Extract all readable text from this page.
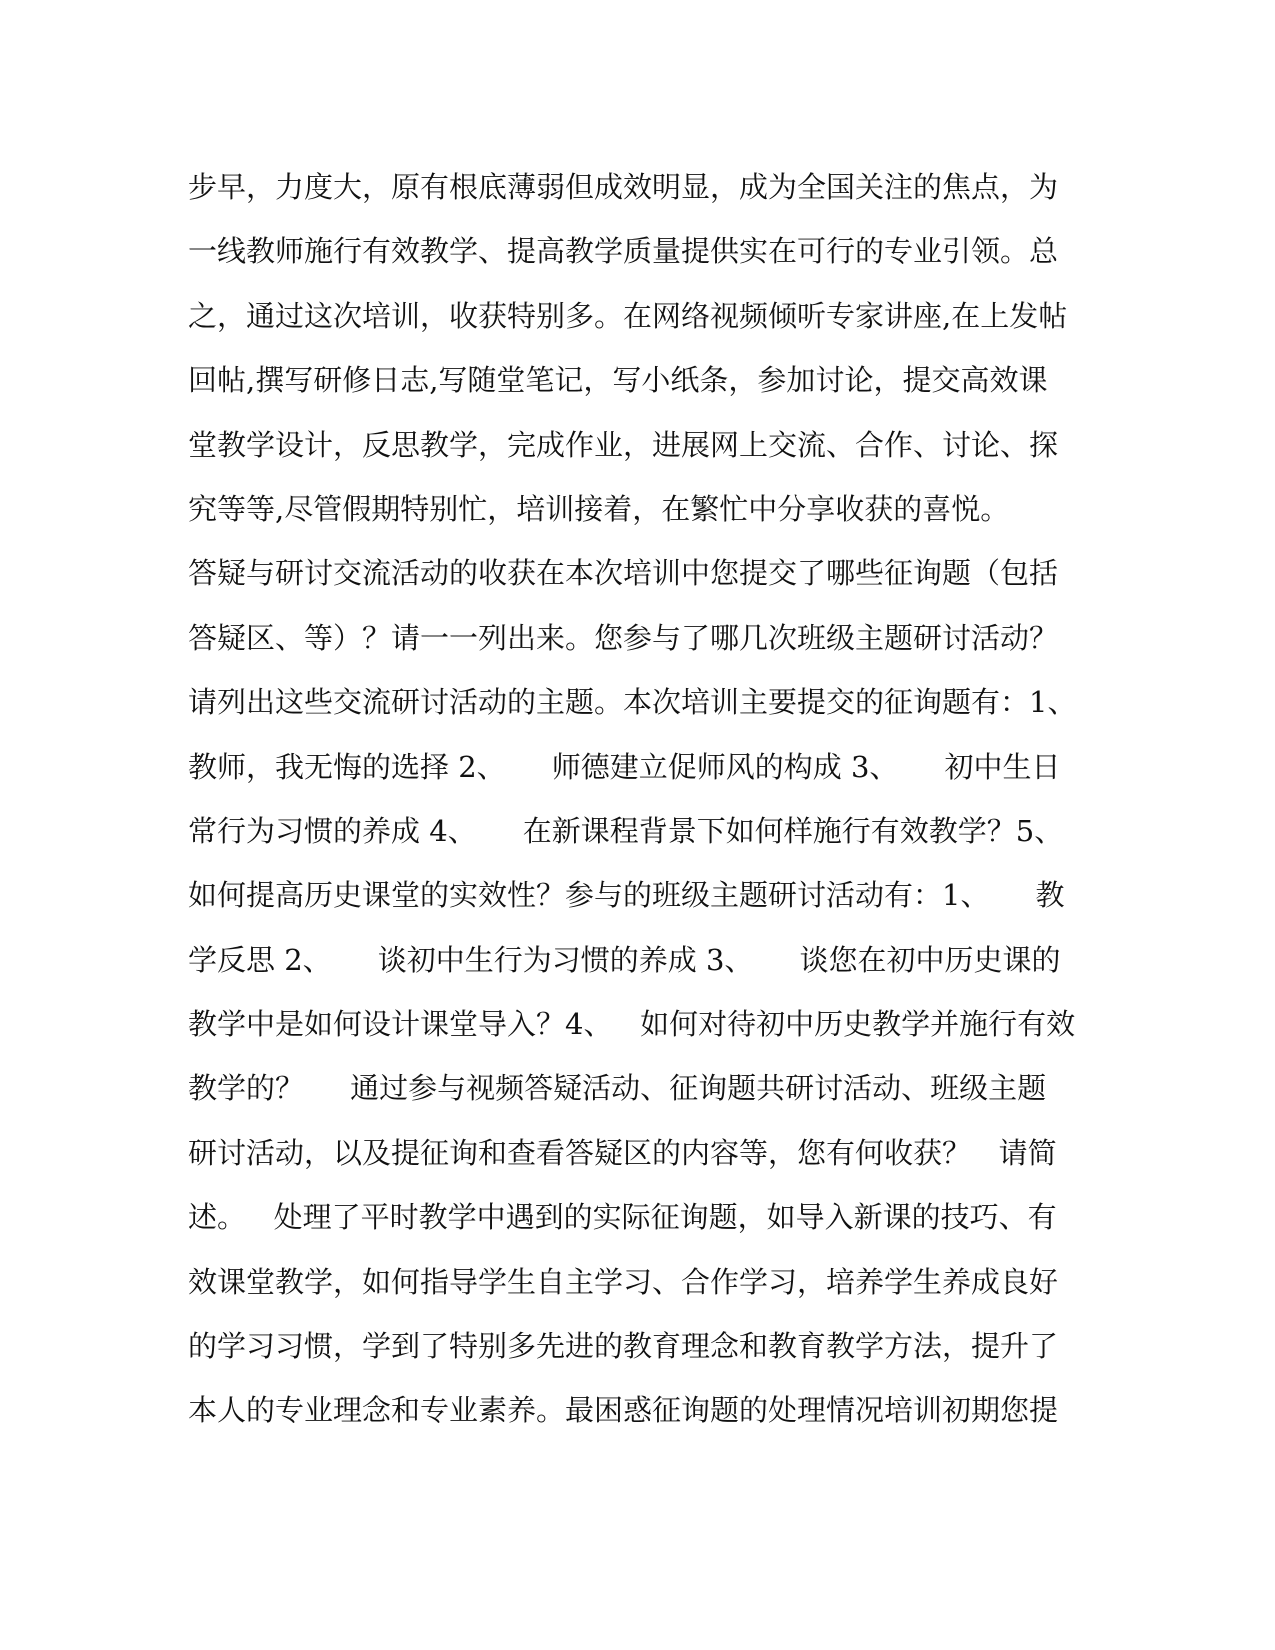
步早，力度大，原有根底薄弱但成效明显，成为全国关注的焦点，为
一线教师施行有效教学、提高教学质量提供实在可行的专业引领。总
之，通过这次培训，收获特别多。在网络视频倾听专家讲座,在上发帖
回帖,撰写研修日志,写随堂笔记，写小纸条，参加讨论，提交高效课
堂教学设计，反思教学，完成作业，进展网上交流、合作、讨论、探
究等等,尽管假期特别忙，培训接着，在繁忙中分享收获的喜悦。
答疑与研讨交流活动的收获在本次培训中您提交了哪些征询题（包括
答疑区、等）？请一一列出来。您参与了哪几次班级主题研讨活动？
请列出这些交流研讨活动的主题。本次培训主要提交的征询题有：1、
教师，我无悔的选择 2、     师德建立促师风的构成 3、     初中生日
常行为习惯的养成 4、     在新课程背景下如何样施行有效教学？5、
如何提高历史课堂的实效性？参与的班级主题研讨活动有：1、     教
学反思 2、     谈初中生行为习惯的养成 3、     谈您在初中历史课的
教学中是如何设计课堂导入？4、   如何对待初中历史教学并施行有效
教学的？     通过参与视频答疑活动、征询题共研讨活动、班级主题
研讨活动，以及提征询和查看答疑区的内容等，您有何收获？   请简
述。   处理了平时教学中遇到的实际征询题，如导入新课的技巧、有
效课堂教学，如何指导学生自主学习、合作学习，培养学生养成良好
的学习习惯，学到了特别多先进的教育理念和教育教学方法，提升了
本人的专业理念和专业素养。最困惑征询题的处理情况培训初期您提
